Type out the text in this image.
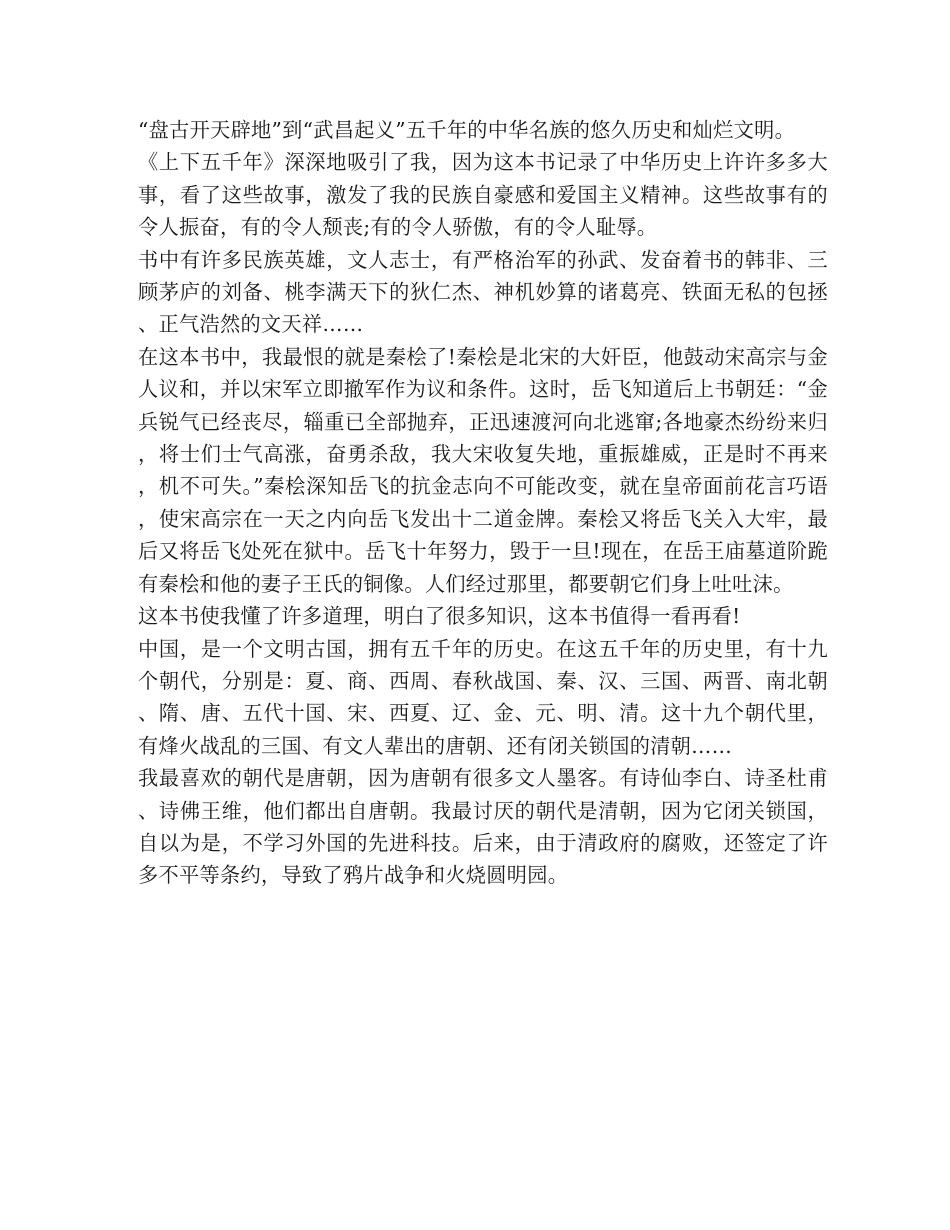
“盘古开天辟地”到“武昌起义”五千年的中华名族的悠久历史和灿烂文明。

《上下五千年》深深地吸引了我，因为这本书记录了中华历史上许许多多大事，看了这些故事，激发了我的民族自豪感和爱国主义精神。这些故事有的令人振奋，有的令人颓丧;有的令人骄傲，有的令人耻辱。

书中有许多民族英雄，文人志士，有严格治军的孙武、发奋着书的韩非、三顾茅庐的刘备、桃李满天下的狄仁杰、神机妙算的诸葛亮、铁面无私的包拯、正气浩然的文天祥……

在这本书中，我最恨的就是秦桧了!秦桧是北宋的大奸臣，他鼓动宋高宗与金人议和，并以宋军立即撤军作为议和条件。这时，岳飞知道后上书朝廷：“金兵锐气已经丧尽，辎重已全部抛弃，正迅速渡河向北逃窜;各地豪杰纷纷来归，将士们士气高涨，奋勇杀敌，我大宋收复失地，重振雄威，正是时不再来，机不可失。”秦桧深知岳飞的抗金志向不可能改变，就在皇帝面前花言巧语，使宋高宗在一天之内向岳飞发出十二道金牌。秦桧又将岳飞关入大牢，最后又将岳飞处死在狱中。岳飞十年努力，毁于一旦!现在，在岳王庙墓道阶跪有秦桧和他的妻子王氏的铜像。人们经过那里，都要朝它们身上吐吐沫。

这本书使我懂了许多道理，明白了很多知识，这本书值得一看再看!

中国，是一个文明古国，拥有五千年的历史。在这五千年的历史里，有十九个朝代，分别是：夏、商、西周、春秋战国、秦、汉、三国、两晋、南北朝、隋、唐、五代十国、宋、西夏、辽、金、元、明、清。这十九个朝代里，有烽火战乱的三国、有文人辈出的唐朝、还有闭关锁国的清朝……

我最喜欢的朝代是唐朝，因为唐朝有很多文人墨客。有诗仙李白、诗圣杜甫、诗佛王维，他们都出自唐朝。我最讨厌的朝代是清朝，因为它闭关锁国，自以为是，不学习外国的先进科技。后来，由于清政府的腐败，还签定了许多不平等条约，导致了鸦片战争和火烧圆明园。
